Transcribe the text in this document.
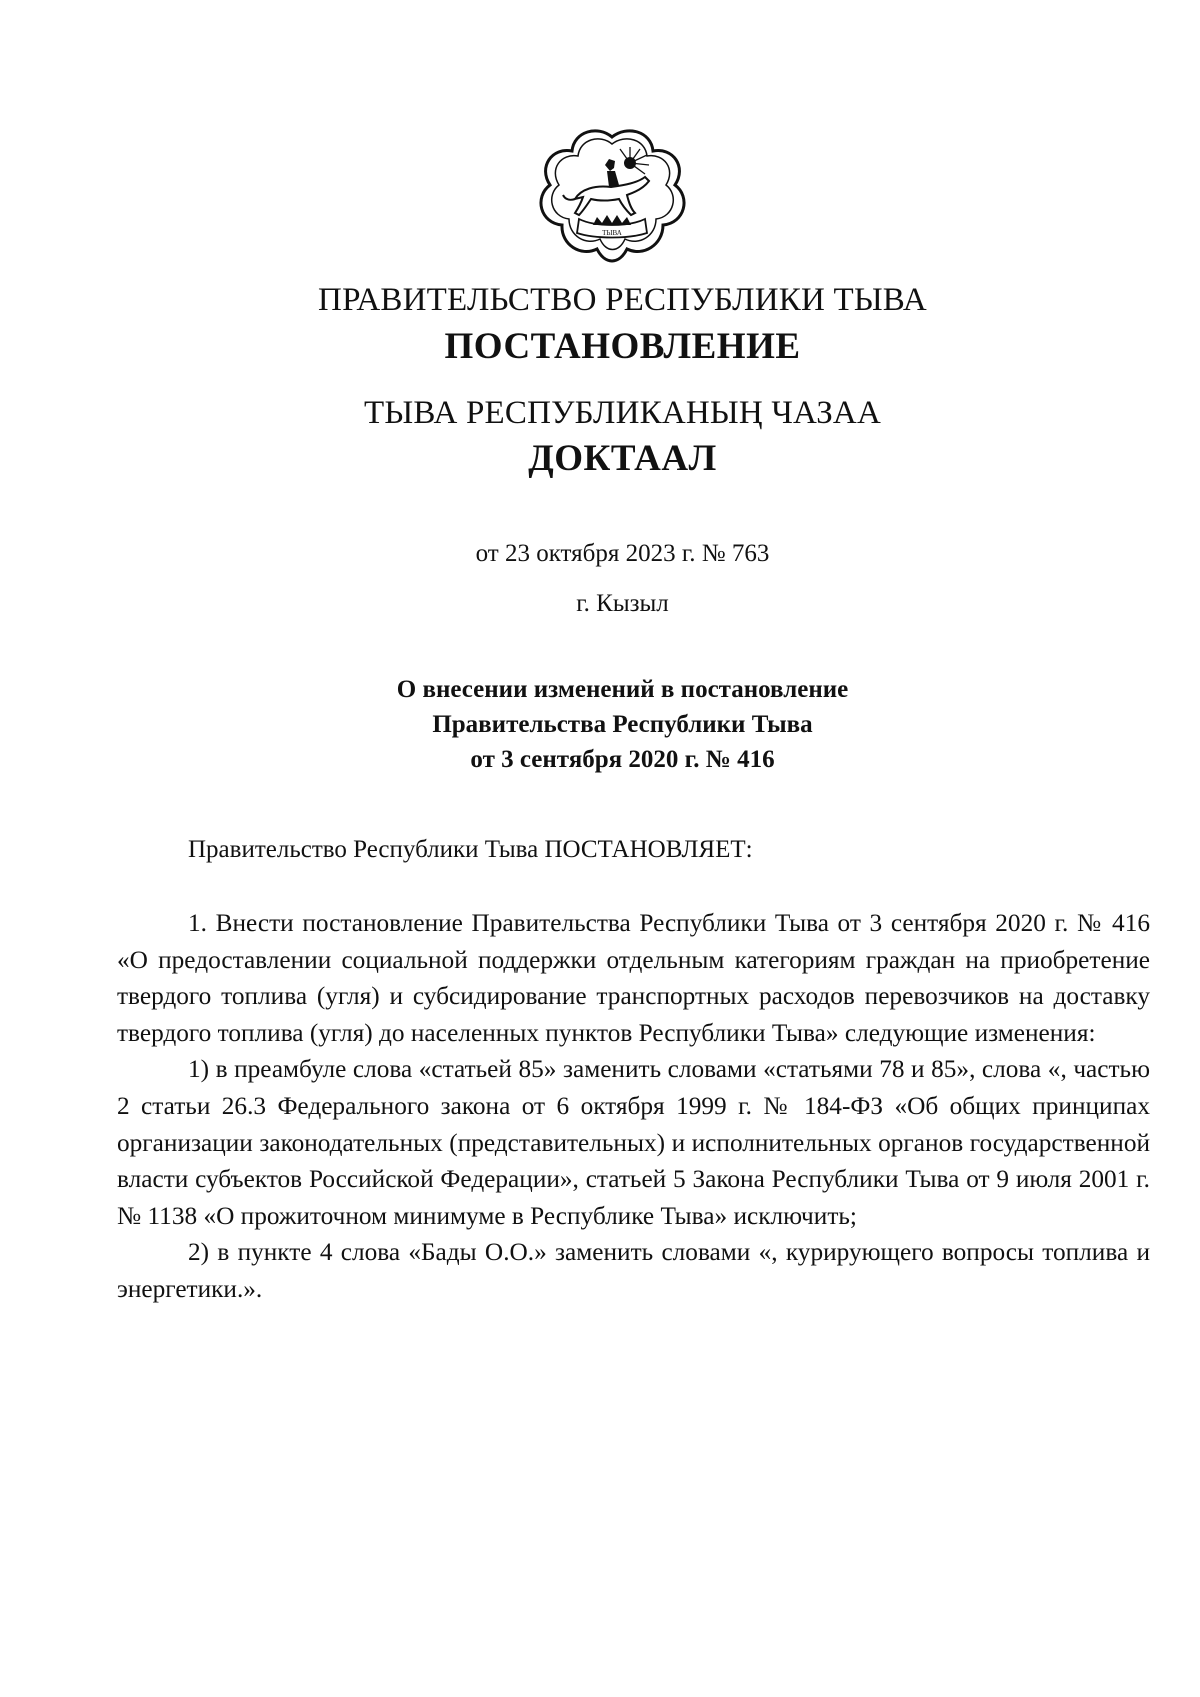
ТЫВА
ПРАВИТЕЛЬСТВО РЕСПУБЛИКИ ТЫВА
ПОСТАНОВЛЕНИЕ
ТЫВА РЕСПУБЛИКАНЫҢ ЧАЗАА
ДОКТААЛ
от 23 октября 2023 г. № 763
г. Кызыл
О внесении изменений в постановление
Правительства Республики Тыва
от 3 сентября 2020 г. № 416
Правительство Республики Тыва ПОСТАНОВЛЯЕТ:

1. Внести постановление Правительства Республики Тыва от 3 сентября 2020 г. № 416 «О предоставлении социальной поддержки отдельным категориям граждан на приобретение твердого топлива (угля) и субсидирование транспортных расходов перевозчиков на доставку твердого топлива (угля) до населенных пунктов Республики Тыва» следующие изменения:

1) в преамбуле слова «статьей 85» заменить словами «статьями 78 и 85», слова «, частью 2 статьи 26.3 Федерального закона от 6 октября 1999 г. № 184-ФЗ «Об общих принципах организации законодательных (представительных) и исполнительных органов государственной власти субъектов Российской Федерации», статьей 5 Закона Республики Тыва от 9 июля 2001 г. № 1138 «О прожиточном минимуме в Республике Тыва» исключить;

2) в пункте 4 слова «Бады О.О.» заменить словами «, курирующего вопросы топлива и энергетики.».
